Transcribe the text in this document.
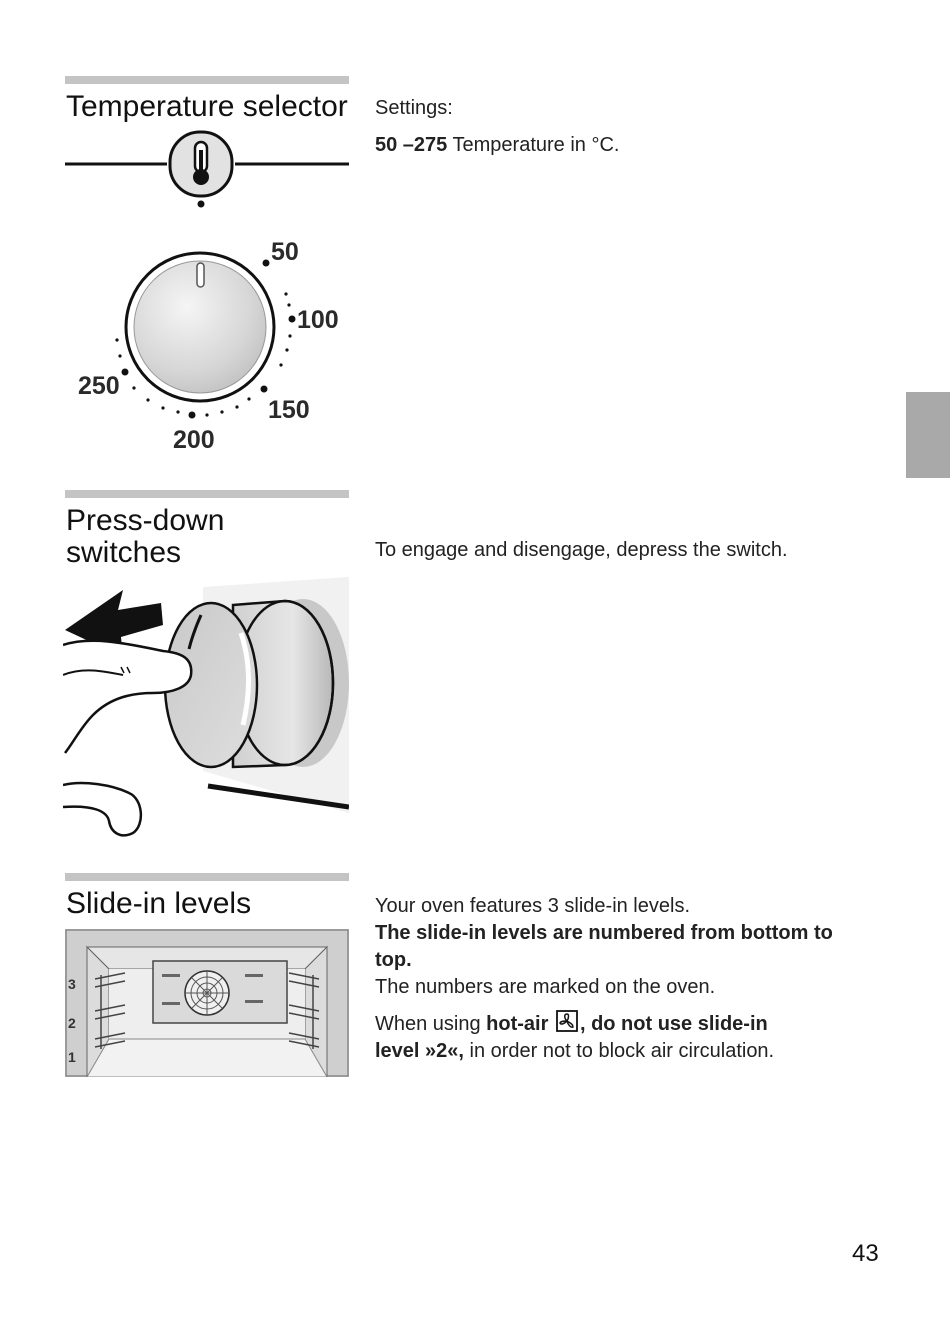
Temperature selector
50
100
150
200
250

Settings:

50 –275 Temperature in °C.

Press-down
switches	To engage and disengage, depress the switch.

Slide-in levels
3
2
1

Your oven features 3 slide-in levels.

The slide-in levels are numbered from bottom to
top.

The numbers are marked on the oven.

When using hot-air , do not use slide-in
level »2«, in order not to block air circulation.

43
